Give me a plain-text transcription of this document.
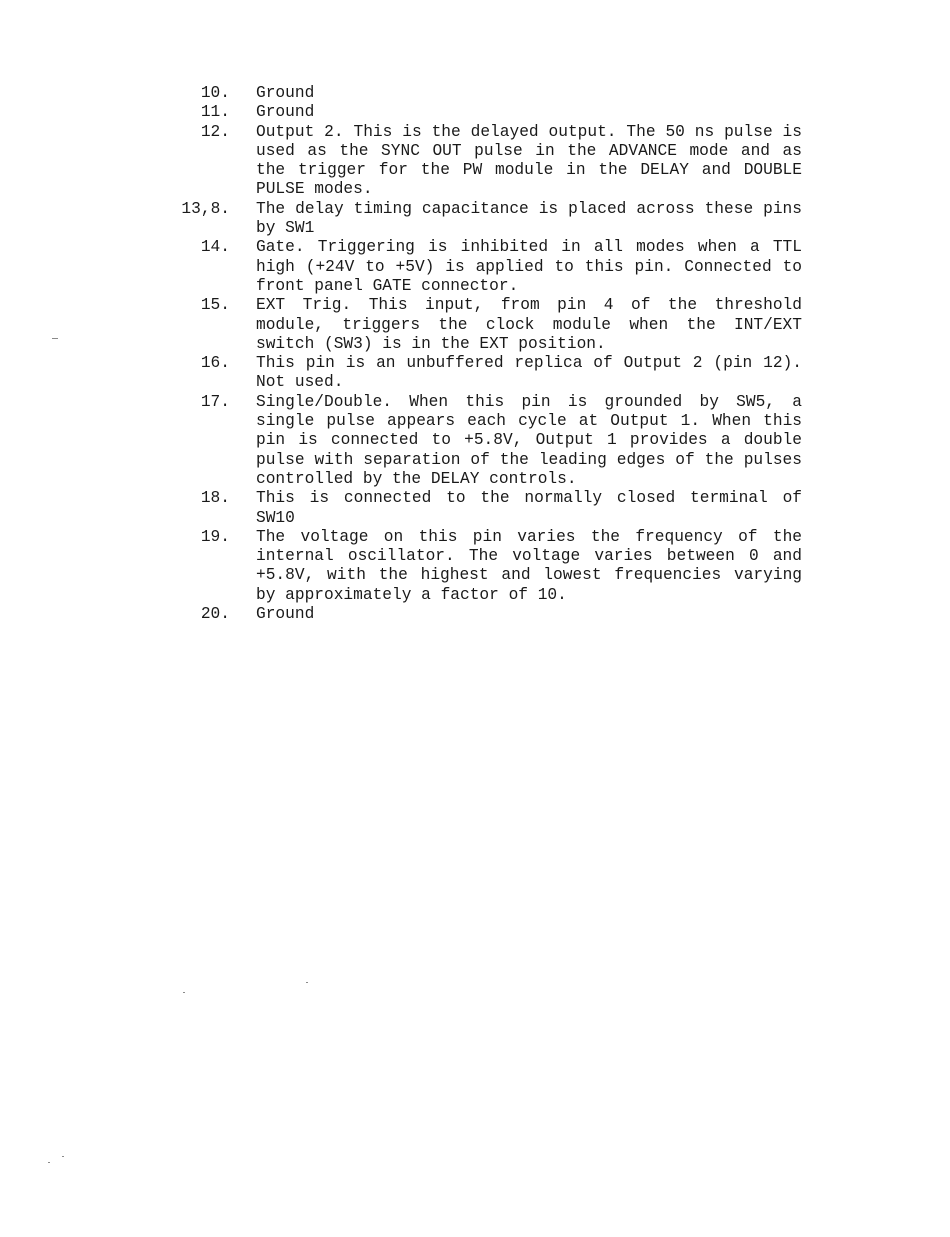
10.	Ground
11.	Ground
12.	Output 2. This is the delayed output. The 50 ns pulse is used as the SYNC OUT pulse in the ADVANCE mode and as the trigger for the PW module in the DELAY and DOUBLE PULSE modes.
13,8.	The delay timing capacitance is placed across these pins by SW1
14.	Gate. Triggering is inhibited in all modes when a TTL high (+24V to +5V) is applied to this pin. Connected to front panel GATE connector.
15.	EXT Trig. This input, from pin 4 of the threshold module, triggers the clock module when the INT/EXT switch (SW3) is in the EXT position.
16.	This pin is an unbuffered replica of Output 2 (pin 12). Not used.
17.	Single/Double. When this pin is grounded by SW5, a single pulse appears each cycle at Output 1. When this pin is connected to +5.8V, Output 1 provides a double pulse with separation of the leading edges of the pulses controlled by the DELAY controls.
18.	This is connected to the normally closed terminal of SW10
19.	The voltage on this pin varies the frequency of the internal oscillator. The voltage varies between 0 and +5.8V, with the highest and lowest frequencies varying by approximately a factor of 10.
20.	Ground
